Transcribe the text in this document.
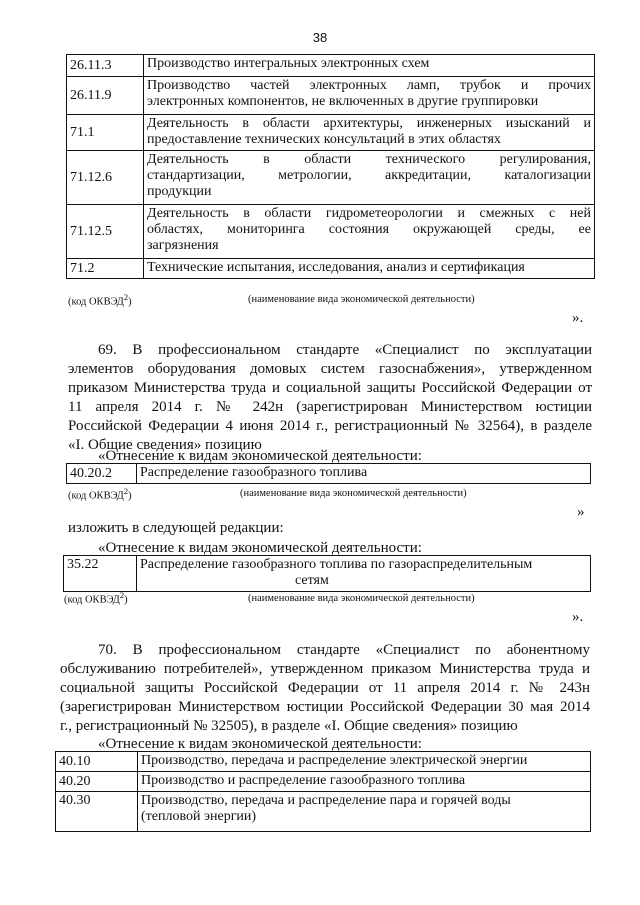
38
26.11.3	Производство интегральных электронных схем
26.11.9	Производство частей электронных ламп, трубок и прочих
электронных компонентов, не включенных в другие группировки

71.1	Деятельность в области архитектуры, инженерных изысканий и
предоставление технических консультаций в этих областях

71.12.6	Деятельность в области технического регулирования,
стандартизации, метрологии, аккредитации, каталогизации
продукции

71.12.5	Деятельность в области гидрометеорологии и смежных с ней
областях, мониторинга состояния окружающей среды, ее
загрязнения

71.2	Технические испытания, исследования, анализ и сертификация
(код ОКВЭД$^2$)	(наименование вида экономической деятельности)
».
69. В профессиональном стандарте «Специалист по эксплуатации
элементов оборудования домовых систем газоснабжения», утвержденном
приказом Министерства труда и социальной защиты Российской Федерации от
11 апреля 2014 г. № 242н (зарегистрирован Министерством юстиции
Российской Федерации 4 июня 2014 г., регистрационный № 32564), в разделе
«I. Общие сведения» позицию
«Отнесение к видам экономической деятельности:
40.20.2	Распределение газообразного топлива
(код ОКВЭД$^2$)	(наименование вида экономической деятельности)
»
изложить в следующей редакции:
«Отнесение к видам экономической деятельности:
35.22	Распределение газообразного топлива по газораспределительным
сетям
(код ОКВЭД$^2$)	(наименование вида экономической деятельности)
».
70. В профессиональном стандарте «Специалист по абонентному
обслуживанию потребителей», утвержденном приказом Министерства труда и
социальной защиты Российской Федерации от 11 апреля 2014 г. № 243н
(зарегистрирован Министерством юстиции Российской Федерации 30 мая 2014
г., регистрационный № 32505), в разделе «I. Общие сведения» позицию
«Отнесение к видам экономической деятельности:
40.10	Производство, передача и распределение электрической энергии
40.20	Производство и распределение газообразного топлива
40.30	Производство, передача и распределение пара и горячей воды
(тепловой энергии)
